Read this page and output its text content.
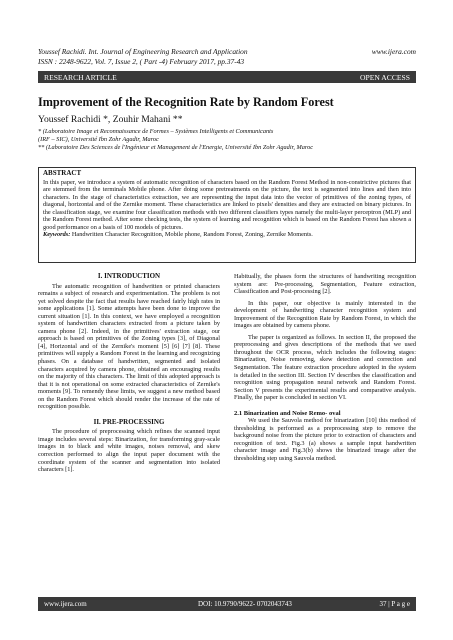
Youssef Rachidi. Int. Journal of Engineering Research and Application	www.ijera.com
ISSN : 2248-9622, Vol. 7, Issue 2, ( Part -4) February 2017, pp.37-43
RESEARCH ARTICLE	OPEN ACCESS
Improvement of the Recognition Rate by Random Forest
Youssef Rachidi *, Zouhir Mahani **
* (Laboratoire Image et Reconnaissance de Formes – Systèmes Intelligents et Communicants
(IRF – SIC), Université Ibn Zohr Agadir, Maroc
** (Laboratoire Des Sciences de l'Ingénieur et Management de l'Energie, Université Ibn Zohr Agadir, Maroc
ABSTRACT
In this paper, we introduce a system of automatic recognition of characters based on the Random Forest Method in non-constrictive pictures that are stemmed from the terminals Mobile phone. After doing some pretreatments on the picture, the text is segmented into lines and then into characters. In the stage of characteristics extraction, we are representing the input data into the vector of primitives of the zoning types, of diagonal, horizontal and of the Zernike moment. These characteristics are linked to pixels' densities and they are extracted on binary pictures. In the classification stage, we examine four classification methods with two different classifiers types namely the multi-layer perceptron (MLP) and the Random Forest method. After some checking tests, the system of learning and recognition which is based on the Random Forest has shown a good performance on a basis of 100 models of pictures.
Keywords: Handwritten Character Recognition, Mobile phone, Random Forest, Zoning, Zernike Moments.
I. INTRODUCTION

The automatic recognition of handwritten or printed characters remains a subject of research and experimentation. The problem is not yet solved despite the fact that results have reached fairly high rates in some applications [1]. Some attempts have been done to improve the current situation [1]. In this context, we have employed a recognition system of handwritten characters extracted from a picture taken by camera phone [2]. Indeed, in the primitives' extraction stage, our approach is based on primitives of the Zoning types [3], of Diagonal [4], Horizontal and of the Zernike's moment [5] [6] [7] [8]. These primitives will supply a Random Forest in the learning and recognizing phases. On a database of handwritten, segmented and isolated characters acquired by camera phone, obtained an encouraging results on the majority of this characters. The limit of this adopted approach is that it is not operational on some extracted characteristics of Zernike's moments [9]. To remendy these limits, we suggest a new method based on the Random Forest which should render the increase of the rate of recognition possible.

II. PRE-PROCESSING

The procedure of preprocessing which refines the scanned input image includes several steps: Binarization, for transforming gray-scale images in to black and white images, noises removal, and skew correction performed to align the input paper document with the coordinate system of the scanner and segmentation into isolated characters [1].

Habitually, the phases form the structures of handwriting recognition system are: Pre-processing, Segmentation, Feature extraction, Classification and Post-processing [2].

In this paper, our objective is mainly interested in the development of handwriting character recognition system and Improvement of the Recognition Rate by Random Forest, in which the images are obtained by camera phone.

The paper is organized as follows. In section II, the proposed the preprocessing and gives descriptions of the methods that we used throughout the OCR process, which includes the following stages: Binarization, Noise removing, skew detection and correction and Segmentation. The feature extraction procedure adopted in the system is detailed in the section III. Section IV describes the classification and recognition using propagation neural network and Random Forest. Section V presents the experimental results and comparative analysis. Finally, the paper is concluded in section VI.

2.1 Binarization and Noise Remo- oval

We used the Sauvola method for binarization [10] this method of thresholding is performed as a preprocessing step to remove the background noise from the picture prior to extraction of characters and recognition of text. Fig.3 (a) shows a sample input handwritten character image and Fig.3(b) shows the binarized image after the thresholding step using Sauvola method.

www.ijera.com	DOI: 10.9790/9622- 0702043743	37 | P a g e
